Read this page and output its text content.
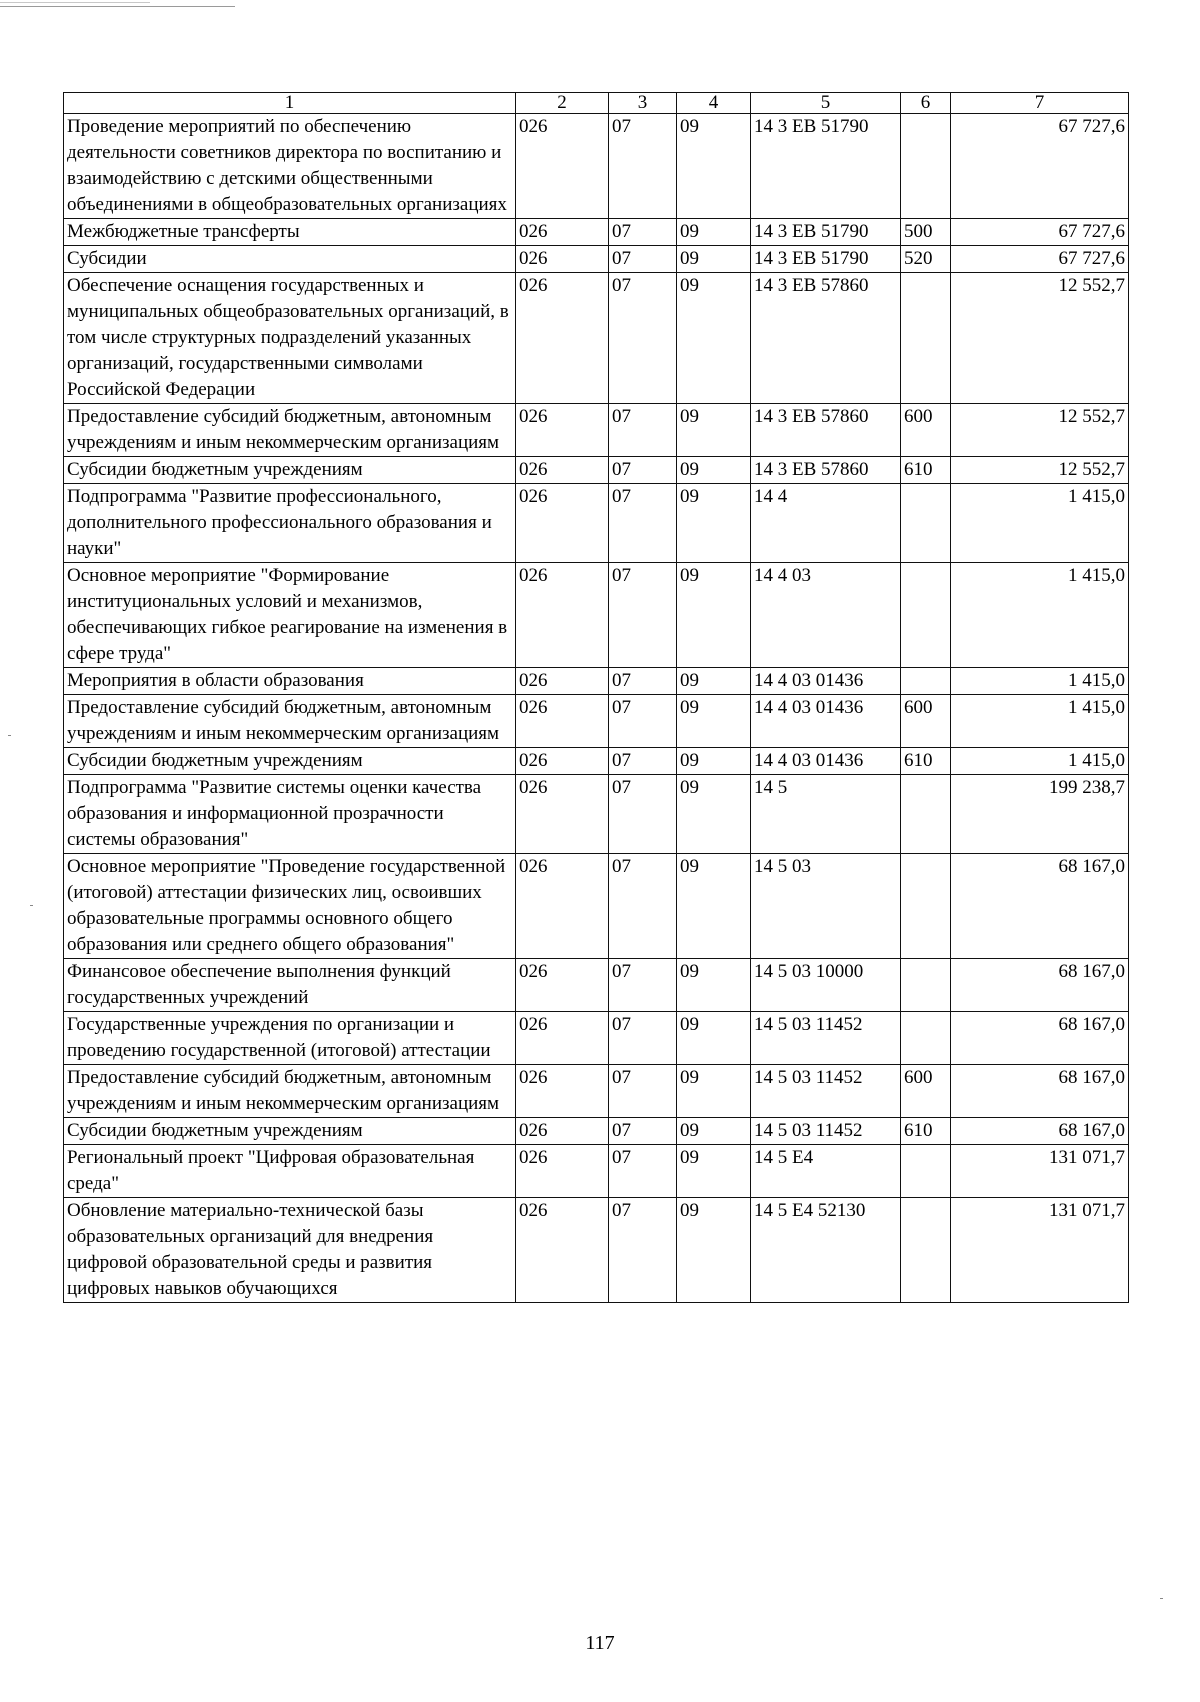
1	2	3	4	5	6	7
Проведение мероприятий по обеспечению деятельности советников директора по воспитанию и взаимодействию с детскими общественными объединениями в общеобразовательных организациях	026	07	09	14 3 ЕВ 51790		67 727,6
Межбюджетные трансферты	026	07	09	14 3 ЕВ 51790	500	67 727,6
Субсидии	026	07	09	14 3 ЕВ 51790	520	67 727,6
Обеспечение оснащения государственных и муниципальных общеобразовательных организаций, в том числе структурных подразделений указанных организаций, государственными символами Российской Федерации	026	07	09	14 3 ЕВ 57860		12 552,7
Предоставление субсидий бюджетным, автономным учреждениям и иным некоммерческим организациям	026	07	09	14 3 ЕВ 57860	600	12 552,7
Субсидии бюджетным учреждениям	026	07	09	14 3 ЕВ 57860	610	12 552,7
Подпрограмма "Развитие профессионального, дополнительного профессионального образования и науки"	026	07	09	14 4		1 415,0
Основное мероприятие "Формирование институциональных условий и механизмов, обеспечивающих гибкое реагирование на изменения в сфере труда"	026	07	09	14 4 03		1 415,0
Мероприятия в области образования	026	07	09	14 4 03 01436		1 415,0
Предоставление субсидий бюджетным, автономным учреждениям и иным некоммерческим организациям	026	07	09	14 4 03 01436	600	1 415,0
Субсидии бюджетным учреждениям	026	07	09	14 4 03 01436	610	1 415,0
Подпрограмма "Развитие системы оценки качества образования и информационной прозрачности системы образования"	026	07	09	14 5		199 238,7
Основное мероприятие "Проведение государственной (итоговой) аттестации физических лиц, освоивших образовательные программы основного общего образования или среднего общего образования"	026	07	09	14 5 03		68 167,0
Финансовое обеспечение выполнения функций государственных учреждений	026	07	09	14 5 03 10000		68 167,0
Государственные учреждения по организации и проведению государственной (итоговой) аттестации	026	07	09	14 5 03 11452		68 167,0
Предоставление субсидий бюджетным, автономным учреждениям и иным некоммерческим организациям	026	07	09	14 5 03 11452	600	68 167,0
Субсидии бюджетным учреждениям	026	07	09	14 5 03 11452	610	68 167,0
Региональный проект "Цифровая образовательная среда"	026	07	09	14 5 Е4		131 071,7
Обновление материально-технической базы образовательных организаций для внедрения цифровой образовательной среды и развития цифровых навыков обучающихся	026	07	09	14 5 Е4 52130		131 071,7
117
